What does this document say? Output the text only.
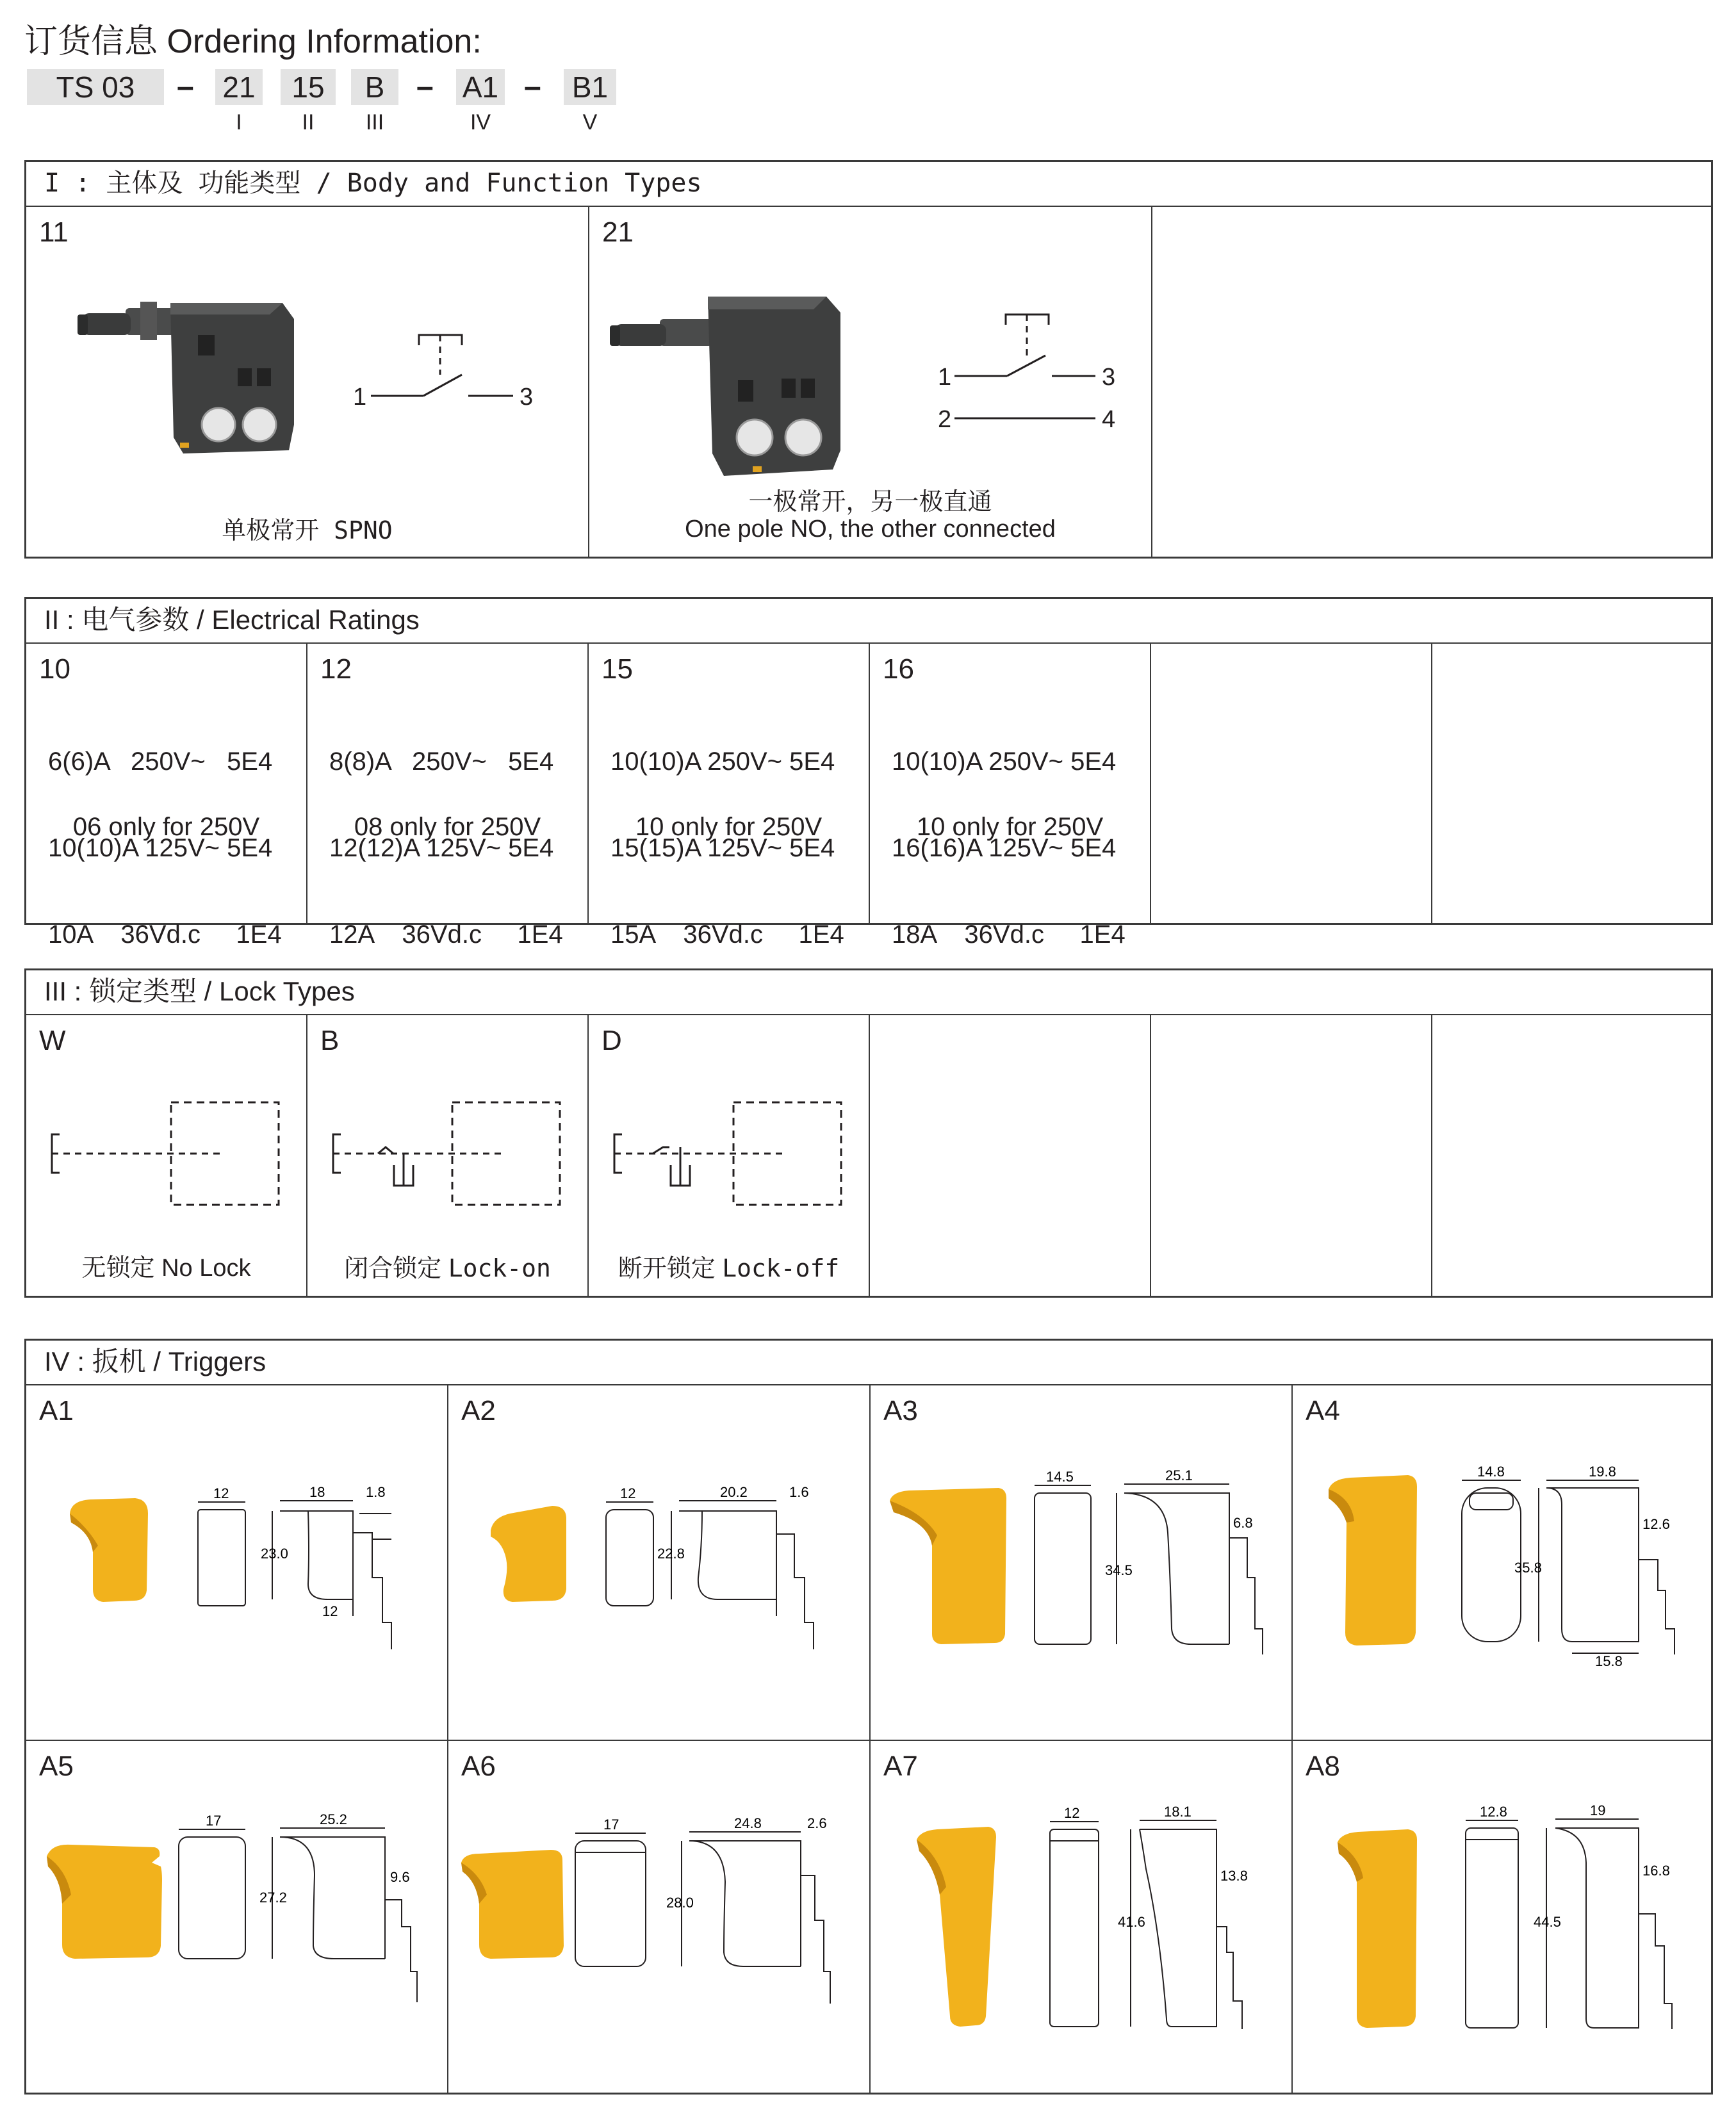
订货信息 Ordering Information:
TS 03	– 21	15	B	– A1 – B1
I	II	III	IV	V
I : 主体及 功能类型 / Body and Function Types
11
1	3
单极常开 SPNO
21
1	3
2	4
一极常开，另一极直通
One pole NO, the other connected
II : 电气参数 / Electrical Ratings
10

6(6)A   250V~   5E4

10(10)A 125V~ 5E4

10A    36Vd.c     1E4

06 only for 250V
12

8(8)A   250V~   5E4

12(12)A 125V~ 5E4

12A    36Vd.c     1E4

08 only for 250V
15

10(10)A 250V~ 5E4

15(15)A 125V~ 5E4

15A    36Vd.c     1E4

10 only for 250V
16

10(10)A 250V~ 5E4

16(16)A 125V~ 5E4

18A    36Vd.c     1E4

10 only for 250V
III : 锁定类型 / Lock Types
W
无锁定 No Lock
B
闭合锁定 Lock-on
D
断开锁定 Lock-off
IV : 扳机 / Triggers
A1
12	18	1.8
23.0
12
A2
12	20.2	1.6
22.8
A3
14.5	25.1
6.8
34.5
A4
14.8	19.8
12.6
35.8
15.8
A5
17	25.2
9.6
27.2
A6
17	24.8	2.6
28.0
A7
12	18.1
13.8
41.6
A8
12.8	19
16.8
44.5
